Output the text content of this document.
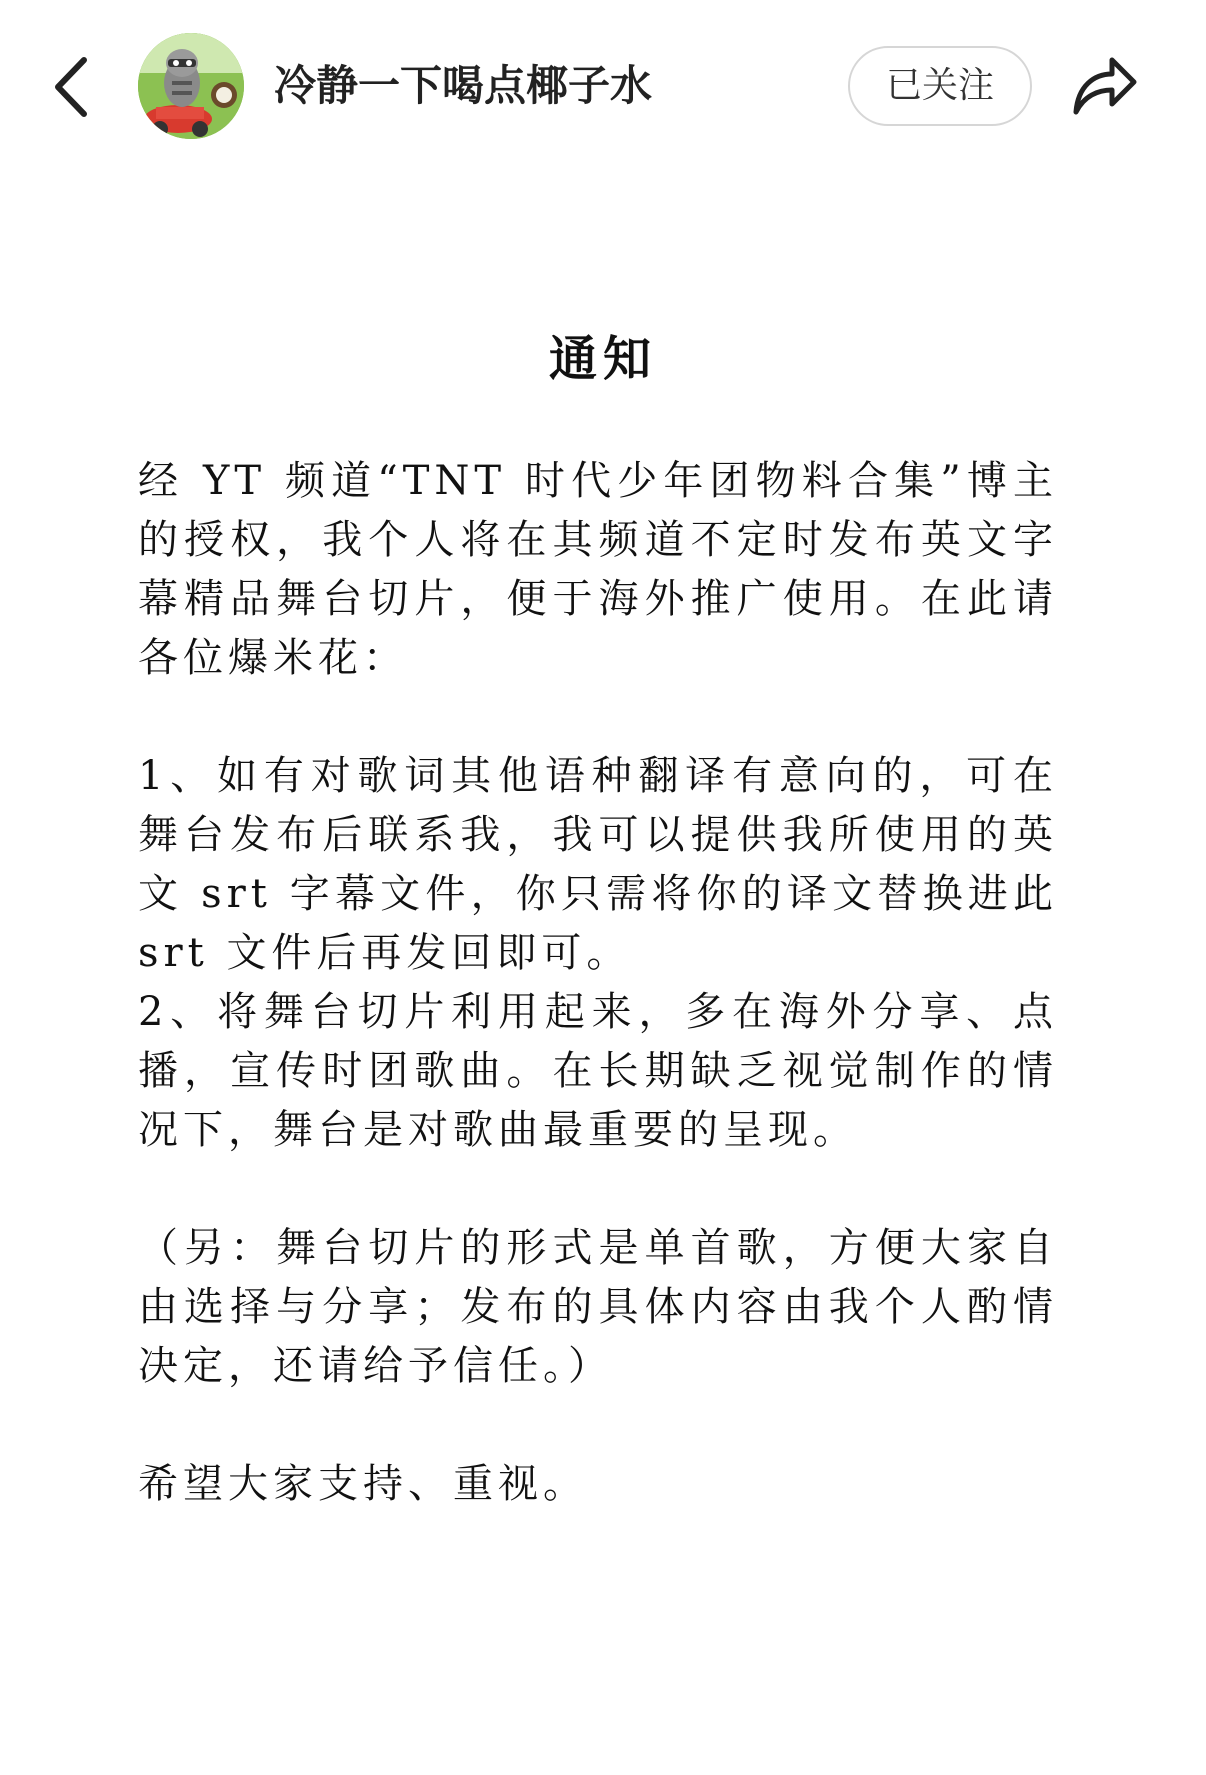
冷静一下喝点椰子水	已关注
通知

经 YT 频道“TNT 时代少年团物料合集”博主的授权，我个人将在其频道不定时发布英文字幕精品舞台切片，便于海外推广使用。在此请各位爆米花：

1、如有对歌词其他语种翻译有意向的，可在舞台发布后联系我，我可以提供我所使用的英文 srt 字幕文件，你只需将你的译文替换进此 srt 文件后再发回即可。

2、将舞台切片利用起来，多在海外分享、点播，宣传时团歌曲。在长期缺乏视觉制作的情况下，舞台是对歌曲最重要的呈现。

（另：舞台切片的形式是单首歌，方便大家自由选择与分享；发布的具体内容由我个人酌情决定，还请给予信任。）

希望大家支持、重视。
